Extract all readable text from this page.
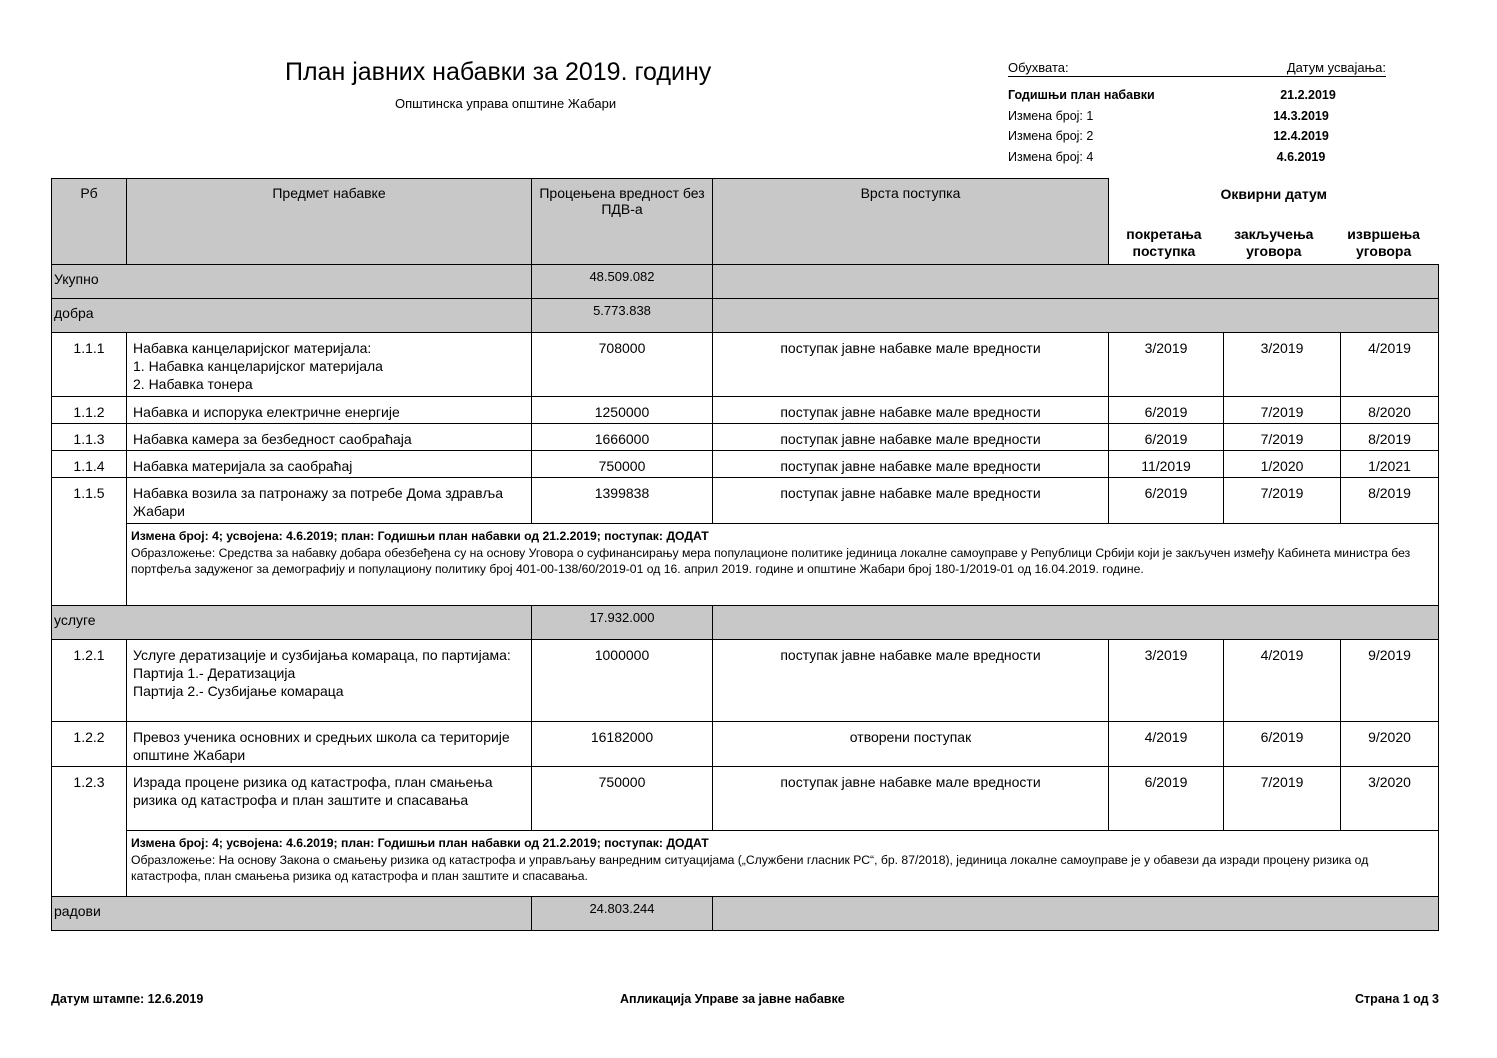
План јавних набавки за 2019. годину
Општинска управа општине Жабари
Обухвата:	Датум усвајања:
Годишњи план набавки	21.2.2019
Измена број: 1	14.3.2019
Измена број: 2	12.4.2019
Измена број: 4	4.6.2019
Рб	Предмет набавке	Процењена вредност без ПДВ-а	Врста поступка	Оквирни датум
покретања поступка
закључења уговора
извршења уговора		

Укупно		48.509.082				
добра		5.773.838				
1.1.1	Набавка канцеларијског материјала:
1. Набавка канцеларијског материјала
2. Набавка тонера	708000	поступак јавне набавке мале вредности	3/2019	3/2019	4/2019
1.1.2	Набавка и испорука електричне енергије	1250000	поступак јавне набавке мале вредности	6/2019	7/2019	8/2020
1.1.3	Набавка камера за безбедност саобраћаја	1666000	поступак јавне набавке мале вредности	6/2019	7/2019	8/2019
1.1.4	Набавка материјала за саобраћај	750000	поступак јавне набавке мале вредности	11/2019	1/2020	1/2021
1.1.5	Набавка возила за патронажу за потребе Дома здравља Жабари	1399838	поступак јавне набавке мале вредности	6/2019	7/2019	8/2019

	Измена број: 4; усвојена: 4.6.2019; план: Годишњи план набавки од 21.2.2019; поступак: ДОДАТ
Образложење: Средства за набавку добара обезбеђена су на основу Уговора о суфинансирању мера популационе политике јединица локалне самоуправе у Републици Србији који је закључен између Кабинета министра без портфеља задуженог за демографију и популациону политику број 401-00-138/60/2019-01 од 16. април 2019. године и општине Жабари број 180-1/2019-01 од 16.04.2019. године.					

услуге		17.932.000				
1.2.1	Услуге дератизације и сузбијања комараца, по партијама:
Партија 1.- Дератизација
Партија 2.- Сузбијање комараца	1000000	поступак јавне набавке мале вредности	3/2019	4/2019	9/2019
1.2.2	Превоз ученика основних и средњих школа са територије општине Жабари	16182000	отворени поступак	4/2019	6/2019	9/2020
1.2.3	Израда процене ризика од катастрофа, план смањења ризика од катастрофа и план заштите и спасавања	750000	поступак јавне набавке мале вредности	6/2019	7/2019	3/2020

	Измена број: 4; усвојена: 4.6.2019; план: Годишњи план набавки од 21.2.2019; поступак: ДОДАТ
Образложење: На основу Закона о смањењу ризика од катастрофа и управљању ванредним ситуацијама („Службени гласник РС“, бр. 87/2018), јединица локалне самоуправе је у обавези да изради процену ризика од катастрофа, план смањења ризика од катастрофа и план заштите и спасавања.					

радови		24.803.244				
Датум штампе: 12.6.2019	Апликација Управе за јавне набавке	Страна 1 од 3
